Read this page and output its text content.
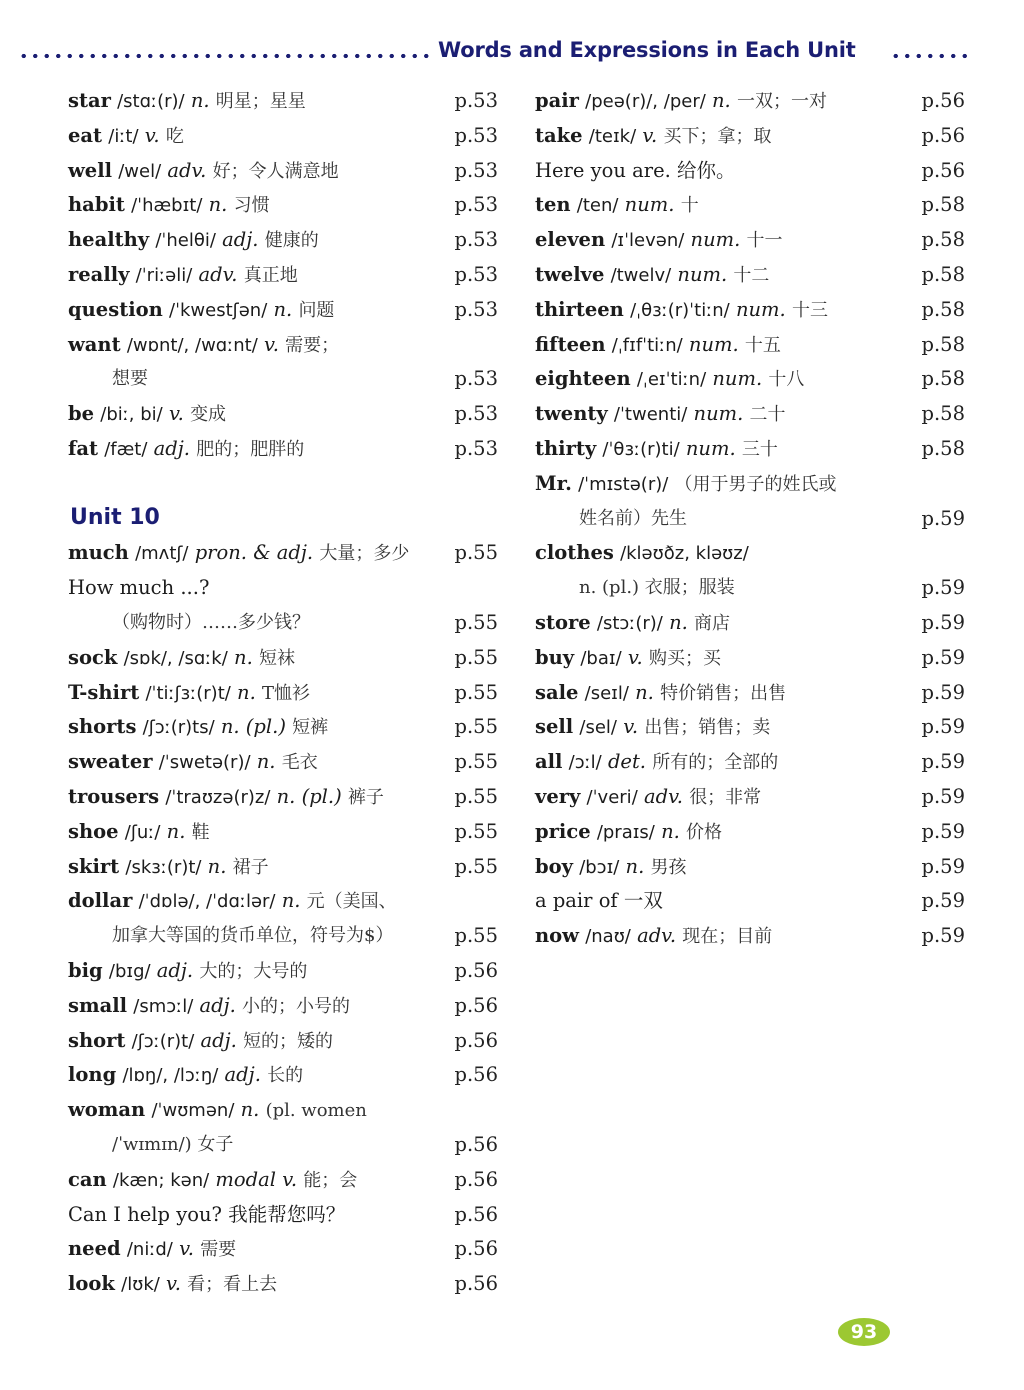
Words and Expressions in Each Unit
star /stɑː(r)/ n. 明星；星星	p.53
eat /iːt/ v. 吃	p.53
well /wel/ adv. 好；令人满意地	p.53
habit /ˈhæbɪt/ n. 习惯	p.53
healthy /ˈhelθi/ adj. 健康的	p.53
really /ˈriːəli/ adv. 真正地	p.53
question /ˈkwestʃən/ n. 问题	p.53
want /wɒnt/, /wɑːnt/ v. 需要；
想要	p.53
be /biː, bi/ v. 变成	p.53
fat /fæt/ adj. 肥的；肥胖的	p.53
Unit 10
much /mʌtʃ/ pron. & adj. 大量；多少 p.55
How much ...?
（购物时）……多少钱？	p.55
sock /sɒk/, /sɑːk/ n. 短袜	p.55
T-shirt /ˈtiːʃɜː(r)t/ n. T恤衫	p.55
shorts /ʃɔː(r)ts/ n. (pl.) 短裤	p.55
sweater /ˈswetə(r)/ n. 毛衣	p.55
trousers /ˈtraʊzə(r)z/ n. (pl.) 裤子	p.55
shoe /ʃuː/ n. 鞋	p.55
skirt /skɜː(r)t/ n. 裙子	p.55
dollar /ˈdɒlə/, /ˈdɑːlər/ n. 元（美国、
加拿大等国的货币单位，符号为$）	p.55
big /bɪg/ adj. 大的；大号的	p.56
small /smɔːl/ adj. 小的；小号的	p.56
short /ʃɔː(r)t/ adj. 短的；矮的	p.56
long /lɒŋ/, /lɔːŋ/ adj. 长的	p.56
woman /ˈwʊmən/ n. (pl. women
/ˈwɪmɪn/) 女子	p.56
can /kæn; kən/ modal v. 能；会	p.56
Can I help you? 我能帮您吗？	p.56
need /niːd/ v. 需要	p.56
look /lʊk/ v. 看；看上去	p.56
pair /peə(r)/, /per/ n. 一双；一对	p.56
take /teɪk/ v. 买下；拿；取	p.56
Here you are. 给你。	p.56
ten /ten/ num. 十	p.58
eleven /ɪˈlevən/ num. 十一	p.58
twelve /twelv/ num. 十二	p.58
thirteen /ˌθɜː(r)ˈtiːn/ num. 十三	p.58
fifteen /ˌfɪfˈtiːn/ num. 十五	p.58
eighteen /ˌeɪˈtiːn/ num. 十八	p.58
twenty /ˈtwenti/ num. 二十	p.58
thirty /ˈθɜː(r)ti/ num. 三十	p.58
Mr. /ˈmɪstə(r)/ （用于男子的姓氏或
姓名前）先生	p.59
clothes /kləʊðz, kləʊz/
n. (pl.) 衣服；服装	p.59
store /stɔː(r)/ n. 商店	p.59
buy /baɪ/ v. 购买；买	p.59
sale /seɪl/ n. 特价销售；出售	p.59
sell /sel/ v. 出售；销售；卖	p.59
all /ɔːl/ det. 所有的；全部的	p.59
very /ˈveri/ adv. 很；非常	p.59
price /praɪs/ n. 价格	p.59
boy /bɔɪ/ n. 男孩	p.59
a pair of 一双	p.59
now /naʊ/ adv. 现在；目前	p.59
93
